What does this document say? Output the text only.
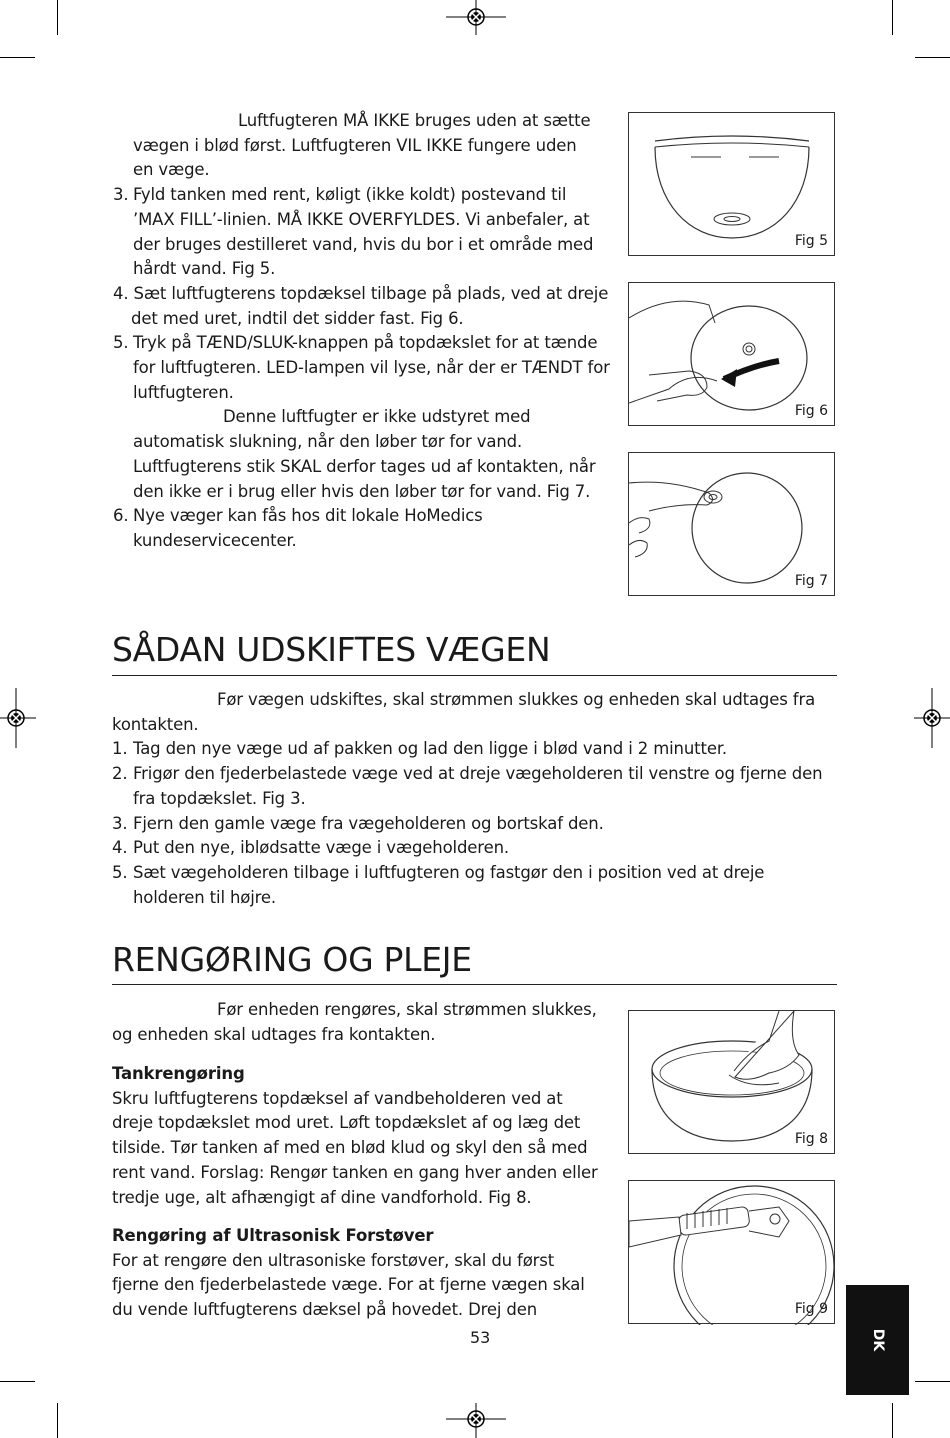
Luftfugteren MÅ IKKE bruges uden at sætte
vægen i blød først. Luftfugteren VIL IKKE fungere uden
en væge.
3. Fyld tanken med rent, køligt (ikke koldt) postevand til
’MAX FILL’-linien. MÅ IKKE OVERFYLDES. Vi anbefaler, at
der bruges destilleret vand, hvis du bor i et område med
hårdt vand. Fig 5.
4. Sæt luftfugterens topdæksel tilbage på plads, ved at dreje
det med uret, indtil det sidder fast. Fig 6.
5. Tryk på TÆND/SLUK-knappen på topdækslet for at tænde
for luftfugteren. LED-lampen vil lyse, når der er TÆNDT for
luftfugteren.
Denne luftfugter er ikke udstyret med
automatisk slukning, når den løber tør for vand.
Luftfugterens stik SKAL derfor tages ud af kontakten, når
den ikke er i brug eller hvis den løber tør for vand. Fig 7.
6. Nye væger kan fås hos dit lokale HoMedics
kundeservicecenter.
Fig 5
Fig 6
Fig 7
SÅDAN UDSKIFTES VÆGEN
Før vægen udskiftes, skal strømmen slukkes og enheden skal udtages fra
kontakten.
1. Tag den nye væge ud af pakken og lad den ligge i blød vand i 2 minutter.
2. Frigør den fjederbelastede væge ved at dreje vægeholderen til venstre og fjerne den
fra topdækslet. Fig 3.
3. Fjern den gamle væge fra vægeholderen og bortskaf den.
4. Put den nye, iblødsatte væge i vægeholderen.
5. Sæt vægeholderen tilbage i luftfugteren og fastgør den i position ved at dreje
holderen til højre.
RENGØRING OG PLEJE
Før enheden rengøres, skal strømmen slukkes,
og enheden skal udtages fra kontakten.
Tankrengøring
Skru luftfugterens topdæksel af vandbeholderen ved at
dreje topdækslet mod uret. Løft topdækslet af og læg det
tilside. Tør tanken af med en blød klud og skyl den så med
rent vand. Forslag: Rengør tanken en gang hver anden eller
tredje uge, alt afhængigt af dine vandforhold. Fig 8.
Rengøring af Ultrasonisk Forstøver
For at rengøre den ultrasoniske forstøver, skal du først
fjerne den fjederbelastede væge. For at fjerne vægen skal
du vende luftfugterens dæksel på hovedet. Drej den
Fig 8
Fig 9
53	DK
